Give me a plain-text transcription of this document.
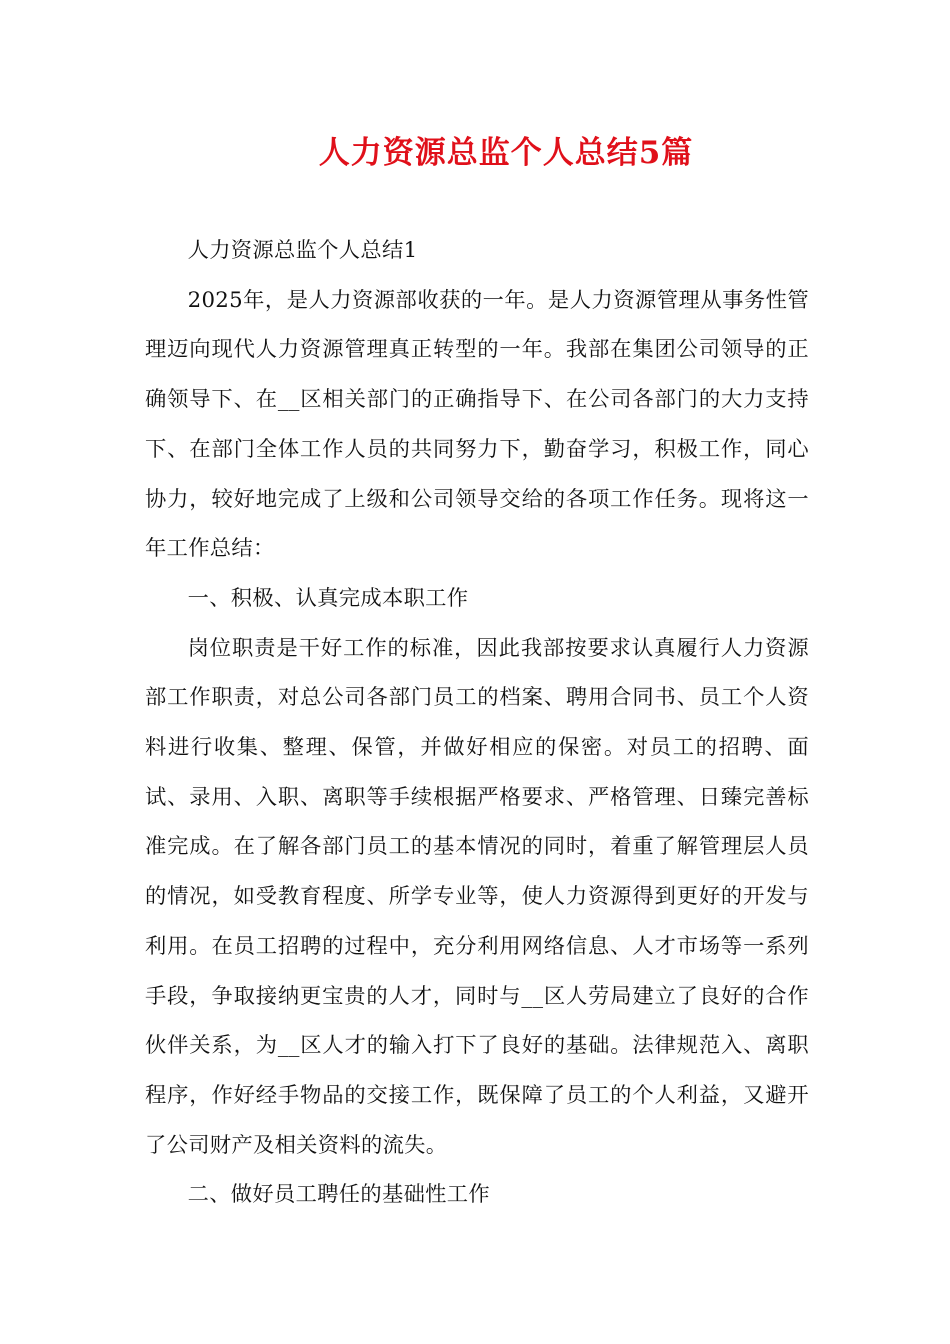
人力资源总监个人总结5篇

人力资源总监个人总结1

2025年，是人力资源部收获的一年。是人力资源管理从事务性管理迈向现代人力资源管理真正转型的一年。我部在集团公司领导的正确领导下、在__区相关部门的正确指导下、在公司各部门的大力支持下、在部门全体工作人员的共同努力下，勤奋学习，积极工作，同心协力，较好地完成了上级和公司领导交给的各项工作任务。现将这一年工作总结：

一、积极、认真完成本职工作

岗位职责是干好工作的标准，因此我部按要求认真履行人力资源部工作职责，对总公司各部门员工的档案、聘用合同书、员工个人资料进行收集、整理、保管，并做好相应的保密。对员工的招聘、面试、录用、入职、离职等手续根据严格要求、严格管理、日臻完善标准完成。在了解各部门员工的基本情况的同时，着重了解管理层人员的情况，如受教育程度、所学专业等，使人力资源得到更好的开发与利用。在员工招聘的过程中，充分利用网络信息、人才市场等一系列手段，争取接纳更宝贵的人才，同时与__区人劳局建立了良好的合作伙伴关系，为__区人才的输入打下了良好的基础。法律规范入、离职程序，作好经手物品的交接工作，既保障了员工的个人利益，又避开了公司财产及相关资料的流失。

二、做好员工聘任的基础性工作
